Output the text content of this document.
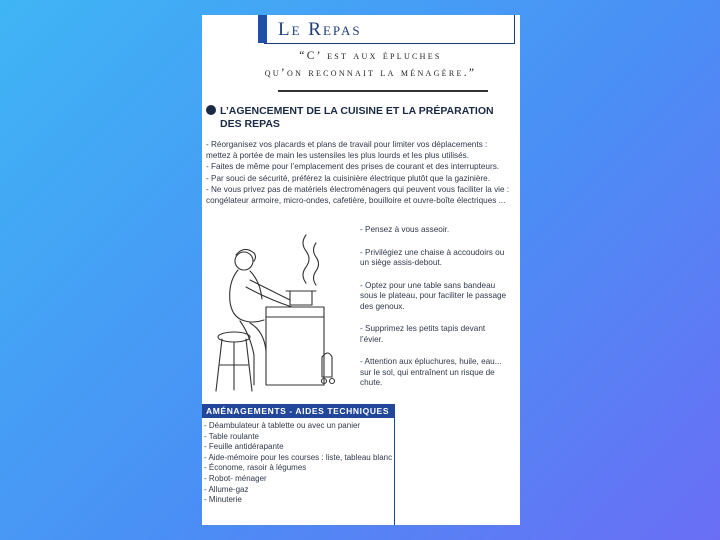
Le Repas
“C’ est aux épluches
qu’on reconnait la ménagère.”
L’AGENCEMENT DE LA CUISINE ET LA PRÉPARATION
DES REPAS
- Réorganisez vos placards et plans de travail pour limiter vos déplacements : mettez à portée de main les ustensiles les plus lourds et les plus utilisés.
- Faites de même pour l’emplacement des prises de courant et des interrupteurs.
- Par souci de sécurité, préférez la cuisinière électrique plutôt que la gazinière.
- Ne vous privez pas de matériels électroménagers qui peuvent vous faciliter la vie : congélateur armoire, micro-ondes, cafetière, bouilloire et ouvre-boîte électriques ...
- Pensez à vous asseoir.
- Privilégiez une chaise à accoudoirs ou un siège assis-debout.
- Optez pour une table sans bandeau sous le plateau, pour faciliter le passage des genoux.
- Supprimez les petits tapis devant l’évier.
- Attention aux épluchures, huile, eau... sur le sol, qui entraînent un risque de chute.
AMÉNAGEMENTS - AIDES TECHNIQUES
- Déambulateur à tablette ou avec un panier
- Table roulante
- Feuille antidérapante
- Aide-mémoire pour les courses : liste, tableau blanc
- Économe, rasoir à légumes
- Robot- ménager
- Allume-gaz
- Minuterie
